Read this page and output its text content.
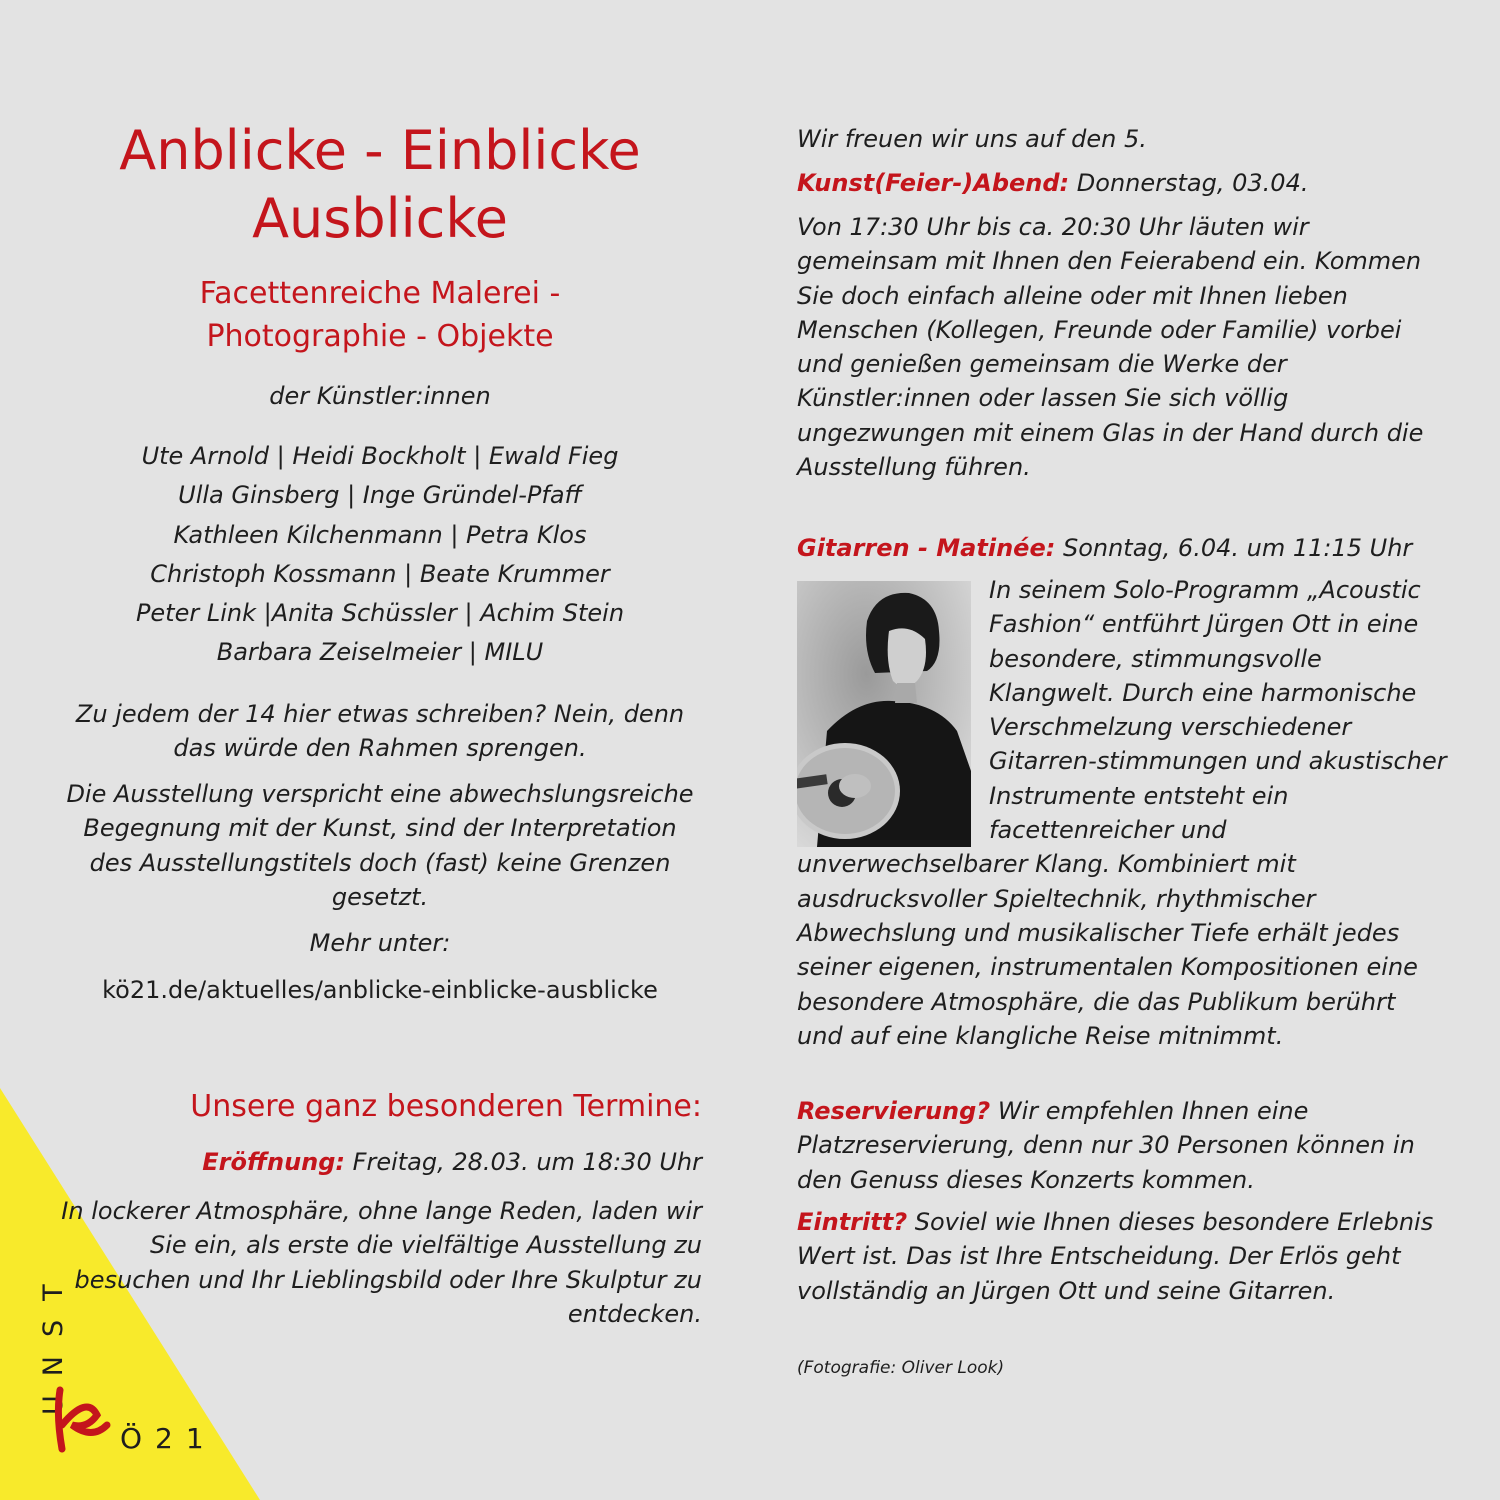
Anblicke - Einblicke
Ausblicke
Facettenreiche Malerei -
Photographie - Objekte
der Künstler:innen
Ute Arnold | Heidi Bockholt | Ewald Fieg
Ulla Ginsberg | Inge Gründel-Pfaff
Kathleen Kilchenmann | Petra Klos
Christoph Kossmann | Beate Krummer
Peter Link |Anita Schüssler | Achim Stein
Barbara Zeiselmeier | MILU
Zu jedem der 14 hier etwas schreiben? Nein, denn das würde den Rahmen sprengen.
Die Ausstellung verspricht eine abwechslungsreiche Begegnung mit der Kunst, sind der Interpretation des Ausstellungstitels doch (fast) keine Grenzen gesetzt.
Mehr unter:
kö21.de/aktuelles/anblicke-einblicke-ausblicke
Unsere ganz besonderen Termine:
Eröffnung: Freitag, 28.03. um 18:30 Uhr
In lockerer Atmosphäre, ohne lange Reden, laden wir Sie ein, als erste die vielfältige Ausstellung zu besuchen und Ihr Lieblingsbild oder Ihre Skulptur zu entdecken.
Wir freuen wir uns auf den 5.
Kunst(Feier-)Abend: Donnerstag, 03.04.
Von 17:30 Uhr bis ca. 20:30 Uhr läuten wir gemeinsam mit Ihnen den Feierabend ein. Kommen Sie doch einfach alleine oder mit Ihnen lieben Menschen (Kollegen, Freunde oder Familie) vorbei und genießen gemeinsam die Werke der Künstler:innen oder lassen Sie sich völlig ungezwungen mit einem Glas in der Hand durch die Ausstellung führen.
Gitarren - Matinée: Sonntag, 6.04. um 11:15 Uhr
In seinem Solo-Programm „Acoustic Fashion“ entführt Jürgen Ott in eine besondere, stimmungsvolle Klangwelt. Durch eine harmonische Verschmelzung verschiedener Gitarren-stimmungen und akustischer Instrumente entsteht ein facettenreicher und unverwechselbarer Klang. Kombiniert mit ausdrucksvoller Spieltechnik, rhythmischer Abwechslung und musikalischer Tiefe erhält jedes seiner eigenen, instrumentalen Kompositionen eine besondere Atmosphäre, die das Publikum berührt und auf eine klangliche Reise mitnimmt.
Reservierung? Wir empfehlen Ihnen eine Platzreservierung, denn nur 30 Personen können in den Genuss dieses Konzerts kommen.
Eintritt? Soviel wie Ihnen dieses besondere Erlebnis Wert ist. Das ist Ihre Entscheidung. Der Erlös geht vollständig an Jürgen Ott und seine Gitarren.
(Fotografie: Oliver Look)
UNST
Ö21
